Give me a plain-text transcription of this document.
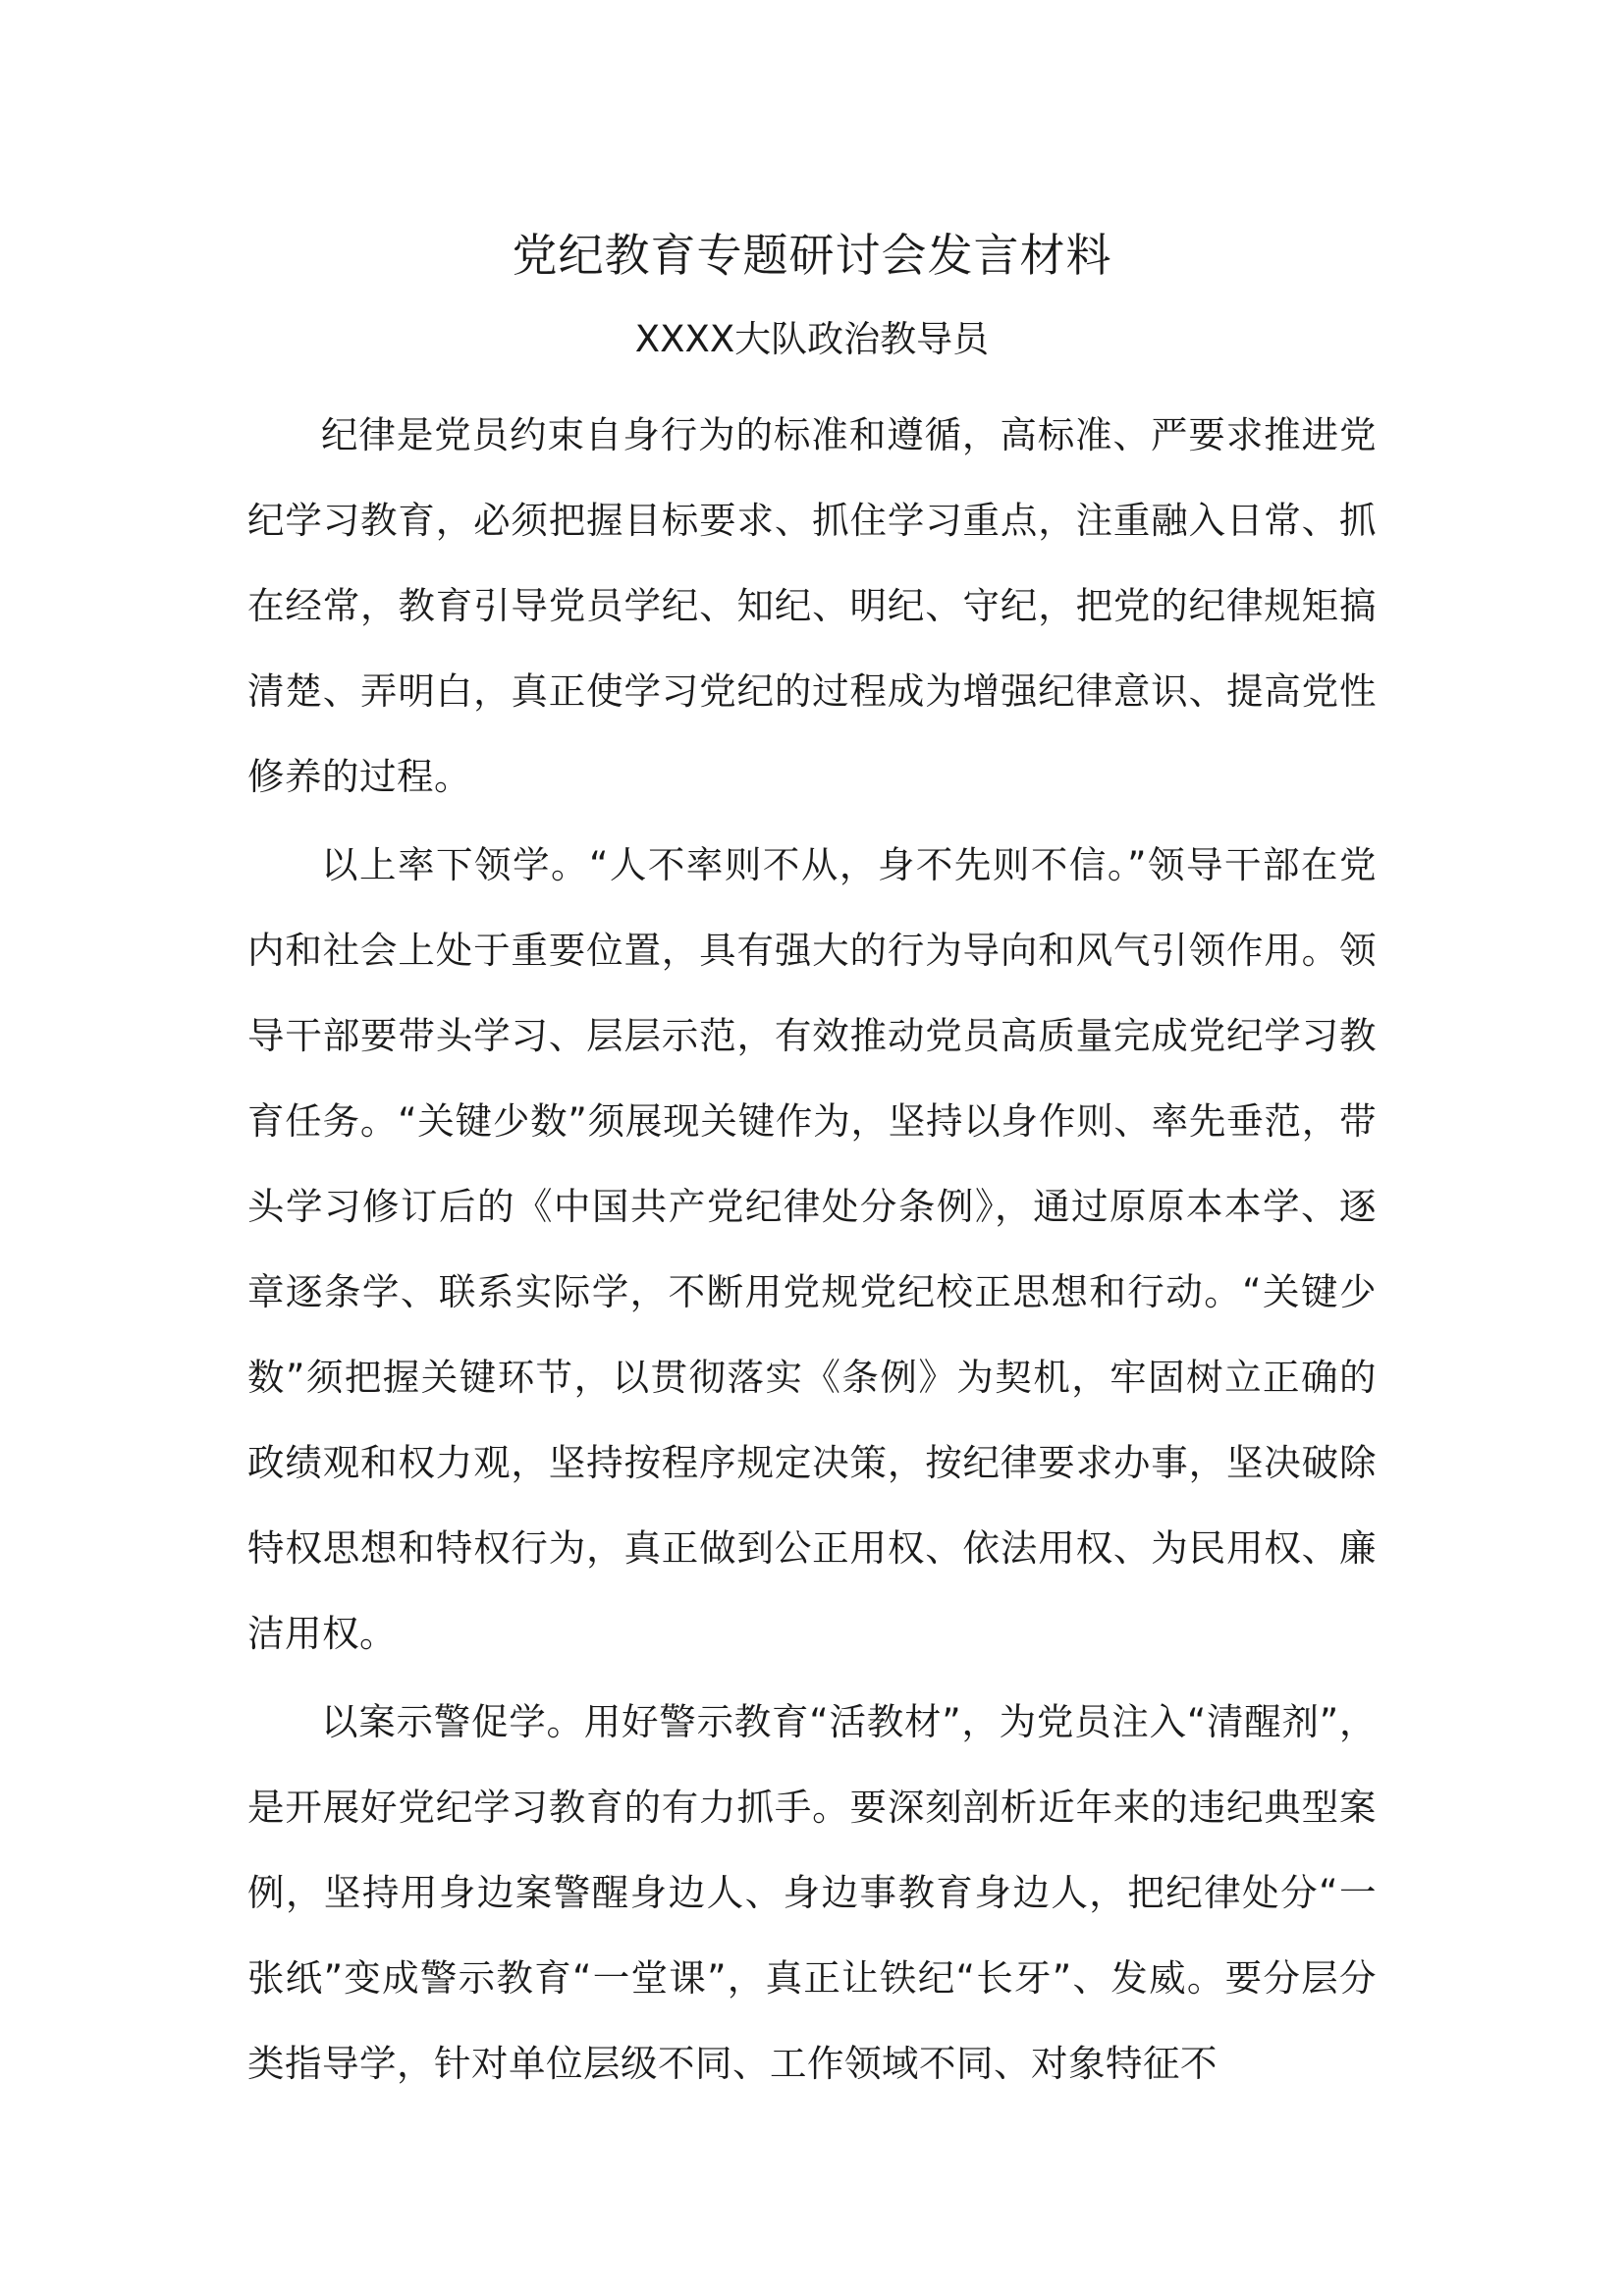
党纪教育专题研讨会发言材料
XXXX大队政治教导员

纪律是党员约束自身行为的标准和遵循，高标准、严要求推进党纪学习教育，必须把握目标要求、抓住学习重点，注重融入日常、抓在经常，教育引导党员学纪、知纪、明纪、守纪，把党的纪律规矩搞清楚、弄明白，真正使学习党纪的过程成为增强纪律意识、提高党性修养的过程。

以上率下领学。“人不率则不从，身不先则不信。”领导干部在党内和社会上处于重要位置，具有强大的行为导向和风气引领作用。领导干部要带头学习、层层示范，有效推动党员高质量完成党纪学习教育任务。“关键少数”须展现关键作为，坚持以身作则、率先垂范，带头学习修订后的《中国共产党纪律处分条例》，通过原原本本学、逐章逐条学、联系实际学，不断用党规党纪校正思想和行动。“关键少数”须把握关键环节，以贯彻落实《条例》为契机，牢固树立正确的政绩观和权力观，坚持按程序规定决策，按纪律要求办事，坚决破除特权思想和特权行为，真正做到公正用权、依法用权、为民用权、廉洁用权。

以案示警促学。用好警示教育“活教材”，为党员注入“清醒剂”，是开展好党纪学习教育的有力抓手。要深刻剖析近年来的违纪典型案例，坚持用身边案警醒身边人、身边事教育身边人，把纪律处分“一张纸”变成警示教育“一堂课”，真正让铁纪“长牙”、发威。要分层分类指导学，针对单位层级不同、工作领域不同、对象特征不
